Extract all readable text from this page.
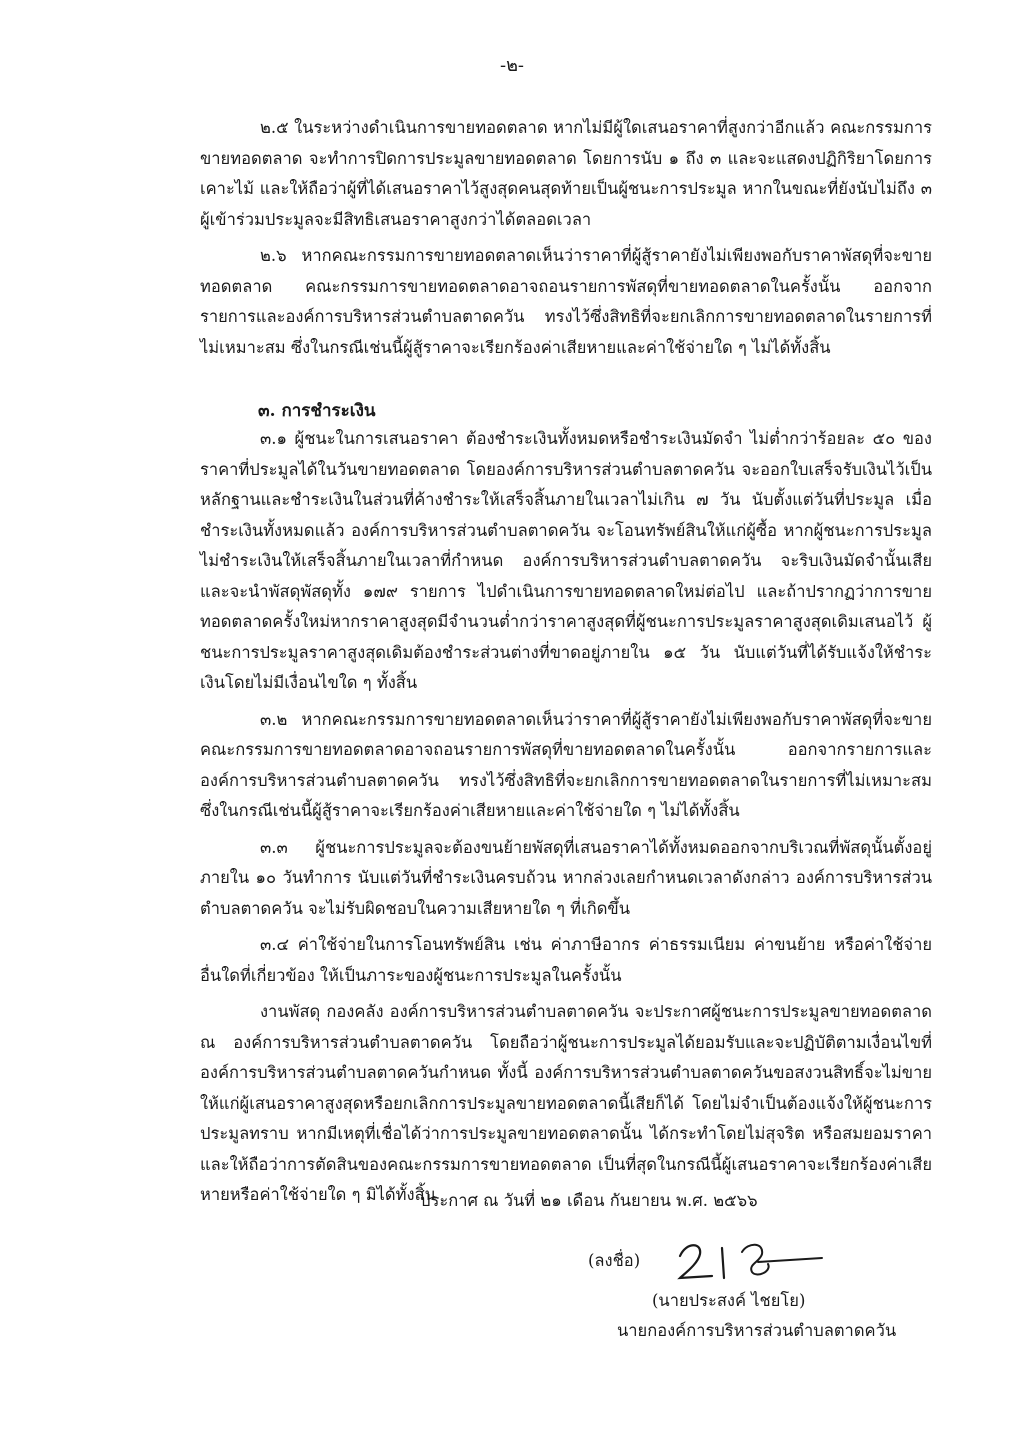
-๒-

๒.๕ ในระหว่างดำเนินการขายทอดตลาด หากไม่มีผู้ใดเสนอราคาที่สูงกว่าอีกแล้ว คณะกรรมการขายทอดตลาด จะทำการปิดการประมูลขายทอดตลาด โดยการนับ ๑ ถึง ๓ และจะแสดงปฏิกิริยาโดยการเคาะไม้ และให้ถือว่าผู้ที่ได้เสนอราคาไว้สูงสุดคนสุดท้ายเป็นผู้ชนะการประมูล หากในขณะที่ยังนับไม่ถึง ๓ ผู้เข้าร่วมประมูลจะมีสิทธิเสนอราคาสูงกว่าได้ตลอดเวลา

๒.๖ หากคณะกรรมการขายทอดตลาดเห็นว่าราคาที่ผู้สู้ราคายังไม่เพียงพอกับราคาพัสดุที่จะขายทอดตลาด คณะกรรมการขายทอดตลาดอาจถอนรายการพัสดุที่ขายทอดตลาดในครั้งนั้น ออกจากรายการและองค์การบริหารส่วนตำบลตาดควัน ทรงไว้ซึ่งสิทธิที่จะยกเลิกการขายทอดตลาดในรายการที่ไม่เหมาะสม ซึ่งในกรณีเช่นนี้ผู้สู้ราคาจะเรียกร้องค่าเสียหายและค่าใช้จ่ายใด ๆ ไม่ได้ทั้งสิ้น

๓. การชำระเงิน

๓.๑ ผู้ชนะในการเสนอราคา ต้องชำระเงินทั้งหมดหรือชำระเงินมัดจำ ไม่ต่ำกว่าร้อยละ ๕๐ ของราคาที่ประมูลได้ในวันขายทอดตลาด โดยองค์การบริหารส่วนตำบลตาดควัน จะออกใบเสร็จรับเงินไว้เป็นหลักฐานและชำระเงินในส่วนที่ค้างชำระให้เสร็จสิ้นภายในเวลาไม่เกิน ๗ วัน นับตั้งแต่วันที่ประมูล เมื่อชำระเงินทั้งหมดแล้ว องค์การบริหารส่วนตำบลตาดควัน จะโอนทรัพย์สินให้แก่ผู้ซื้อ หากผู้ชนะการประมูลไม่ชำระเงินให้เสร็จสิ้นภายในเวลาที่กำหนด องค์การบริหารส่วนตำบลตาดควัน จะริบเงินมัดจำนั้นเสีย และจะนำพัสดุพัสดุทั้ง ๑๗๙ รายการ ไปดำเนินการขายทอดตลาดใหม่ต่อไป และถ้าปรากฏว่าการขายทอดตลาดครั้งใหม่หากราคาสูงสุดมีจำนวนต่ำกว่าราคาสูงสุดที่ผู้ชนะการประมูลราคาสูงสุดเดิมเสนอไว้ ผู้ชนะการประมูลราคาสูงสุดเดิมต้องชำระส่วนต่างที่ขาดอยู่ภายใน ๑๕ วัน นับแต่วันที่ได้รับแจ้งให้ชำระเงินโดยไม่มีเงื่อนไขใด ๆ ทั้งสิ้น

๓.๒ หากคณะกรรมการขายทอดตลาดเห็นว่าราคาที่ผู้สู้ราคายังไม่เพียงพอกับราคาพัสดุที่จะขายคณะกรรมการขายทอดตลาดอาจถอนรายการพัสดุที่ขายทอดตลาดในครั้งนั้น ออกจากรายการและองค์การบริหารส่วนตำบลตาดควัน ทรงไว้ซึ่งสิทธิที่จะยกเลิกการขายทอดตลาดในรายการที่ไม่เหมาะสม ซึ่งในกรณีเช่นนี้ผู้สู้ราคาจะเรียกร้องค่าเสียหายและค่าใช้จ่ายใด ๆ ไม่ได้ทั้งสิ้น

๓.๓ ผู้ชนะการประมูลจะต้องขนย้ายพัสดุที่เสนอราคาได้ทั้งหมดออกจากบริเวณที่พัสดุนั้นตั้งอยู่ภายใน ๑๐ วันทำการ นับแต่วันที่ชำระเงินครบถ้วน หากล่วงเลยกำหนดเวลาดังกล่าว องค์การบริหารส่วนตำบลตาดควัน จะไม่รับผิดชอบในความเสียหายใด ๆ ที่เกิดขึ้น

๓.๔ ค่าใช้จ่ายในการโอนทรัพย์สิน เช่น ค่าภาษีอากร ค่าธรรมเนียม ค่าขนย้าย หรือค่าใช้จ่ายอื่นใดที่เกี่ยวข้อง ให้เป็นภาระของผู้ชนะการประมูลในครั้งนั้น

งานพัสดุ กองคลัง องค์การบริหารส่วนตำบลตาดควัน จะประกาศผู้ชนะการประมูลขายทอดตลาด ณ องค์การบริหารส่วนตำบลตาดควัน โดยถือว่าผู้ชนะการประมูลได้ยอมรับและจะปฏิบัติตามเงื่อนไขที่องค์การบริหารส่วนตำบลตาดควันกำหนด ทั้งนี้ องค์การบริหารส่วนตำบลตาดควันขอสงวนสิทธิ์จะไม่ขายให้แก่ผู้เสนอราคาสูงสุดหรือยกเลิกการประมูลขายทอดตลาดนี้เสียก็ได้ โดยไม่จำเป็นต้องแจ้งให้ผู้ชนะการประมูลทราบ หากมีเหตุที่เชื่อได้ว่าการประมูลขายทอดตลาดนั้น ได้กระทำโดยไม่สุจริต หรือสมยอมราคา และให้ถือว่าการตัดสินของคณะกรรมการขายทอดตลาด เป็นที่สุดในกรณีนี้ผู้เสนอราคาจะเรียกร้องค่าเสียหายหรือค่าใช้จ่ายใด ๆ มิได้ทั้งสิ้น

ประกาศ ณ วันที่ ๒๑ เดือน กันยายน พ.ศ. ๒๕๖๖
(ลงชื่อ)
(นายประสงค์ ไชยโย)
นายกองค์การบริหารส่วนตำบลตาดควัน
